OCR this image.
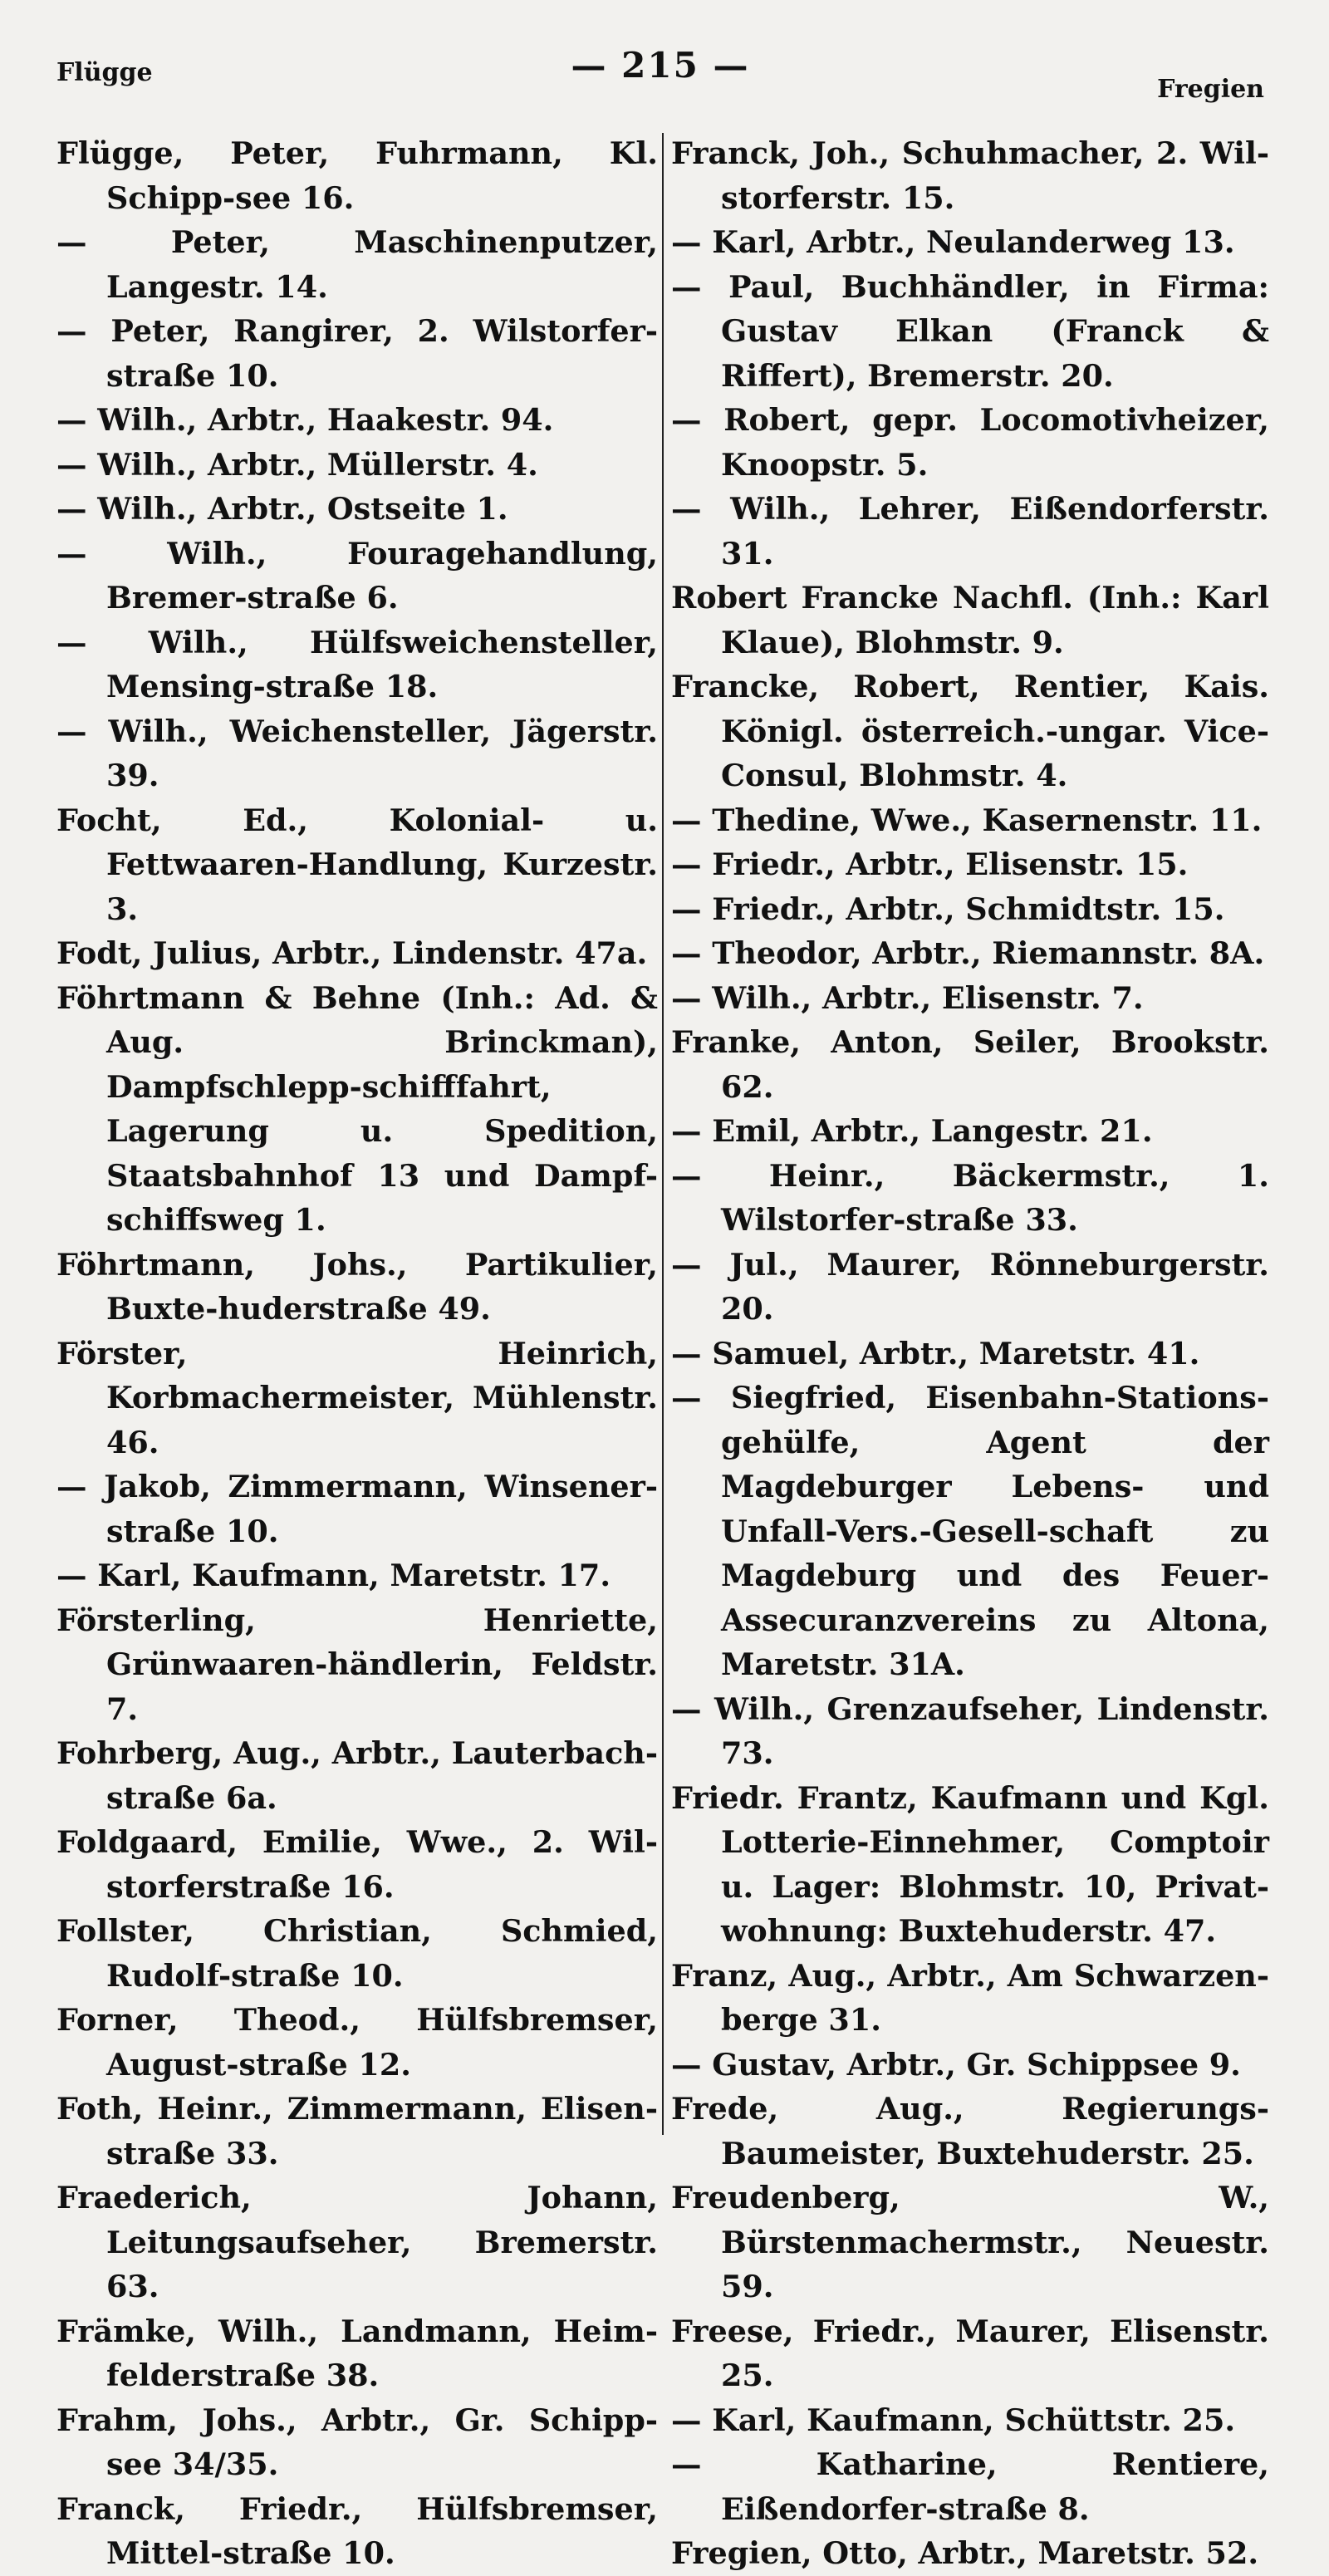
Flügge	— 215 —
Fregien
Flügge, Peter, Fuhrmann, Kl. Schipp-see 16.
— Peter, Maschinenputzer, Langestr. 14.
— Peter, Rangirer, 2. Wilstorfer-straße 10.
— Wilh., Arbtr., Haakestr. 94.
— Wilh., Arbtr., Müllerstr. 4.
— Wilh., Arbtr., Ostseite 1.
— Wilh., Fouragehandlung, Bremer-straße 6.
— Wilh., Hülfsweichensteller, Mensing-straße 18.
— Wilh., Weichensteller, Jägerstr. 39.
Focht, Ed., Kolonial- u. Fettwaaren-Handlung, Kurzestr. 3.
Fodt, Julius, Arbtr., Lindenstr. 47a.
Föhrtmann & Behne (Inh.: Ad. & Aug. Brinckman), Dampfschlepp-schifffahrt, Lagerung u. Spedition, Staatsbahnhof 13 und Dampf-schiffsweg 1.
Föhrtmann, Johs., Partikulier, Buxte-huderstraße 49.
Förster, Heinrich, Korbmachermeister, Mühlenstr. 46.
— Jakob, Zimmermann, Winsener-straße 10.
— Karl, Kaufmann, Maretstr. 17.
Försterling, Henriette, Grünwaaren-händlerin, Feldstr. 7.
Fohrberg, Aug., Arbtr., Lauterbach-straße 6a.
Foldgaard, Emilie, Wwe., 2. Wil-storferstraße 16.
Follster, Christian, Schmied, Rudolf-straße 10.
Forner, Theod., Hülfsbremser, August-straße 12.
Foth, Heinr., Zimmermann, Elisen-straße 33.
Fraederich, Johann, Leitungsaufseher, Bremerstr. 63.
Främke, Wilh., Landmann, Heim-felderstraße 38.
Frahm, Johs., Arbtr., Gr. Schipp-see 34/35.
Franck, Friedr., Hülfsbremser, Mittel-straße 10.
Franck, Joh., Schuhmacher, 2. Wil-storferstr. 15.
— Karl, Arbtr., Neulanderweg 13.
— Paul, Buchhändler, in Firma: Gustav Elkan (Franck & Riffert), Bremerstr. 20.
— Robert, gepr. Locomotivheizer, Knoopstr. 5.
— Wilh., Lehrer, Eißendorferstr. 31.
Robert Francke Nachfl. (Inh.: Karl Klaue), Blohmstr. 9.
Francke, Robert, Rentier, Kais. Königl. österreich.-ungar. Vice-Consul, Blohmstr. 4.
— Thedine, Wwe., Kasernenstr. 11.
— Friedr., Arbtr., Elisenstr. 15.
— Friedr., Arbtr., Schmidtstr. 15.
— Theodor, Arbtr., Riemannstr. 8A.
— Wilh., Arbtr., Elisenstr. 7.
Franke, Anton, Seiler, Brookstr. 62.
— Emil, Arbtr., Langestr. 21.
— Heinr., Bäckermstr., 1. Wilstorfer-straße 33.
— Jul., Maurer, Rönneburgerstr. 20.
— Samuel, Arbtr., Maretstr. 41.
— Siegfried, Eisenbahn-Stations-gehülfe, Agent der Magdeburger Lebens- und Unfall-Vers.-Gesell-schaft zu Magdeburg und des Feuer-Assecuranzvereins zu Altona, Maretstr. 31A.
— Wilh., Grenzaufseher, Lindenstr. 73.
Friedr. Frantz, Kaufmann und Kgl. Lotterie-Einnehmer, Comptoir u. Lager: Blohmstr. 10, Privat-wohnung: Buxtehuderstr. 47.
Franz, Aug., Arbtr., Am Schwarzen-berge 31.
— Gustav, Arbtr., Gr. Schippsee 9.
Frede, Aug., Regierungs-Baumeister, Buxtehuderstr. 25.
Freudenberg, W., Bürstenmachermstr., Neuestr. 59.
Freese, Friedr., Maurer, Elisenstr. 25.
— Karl, Kaufmann, Schüttstr. 25.
— Katharine, Rentiere, Eißendorfer-straße 8.
Fregien, Otto, Arbtr., Maretstr. 52.
